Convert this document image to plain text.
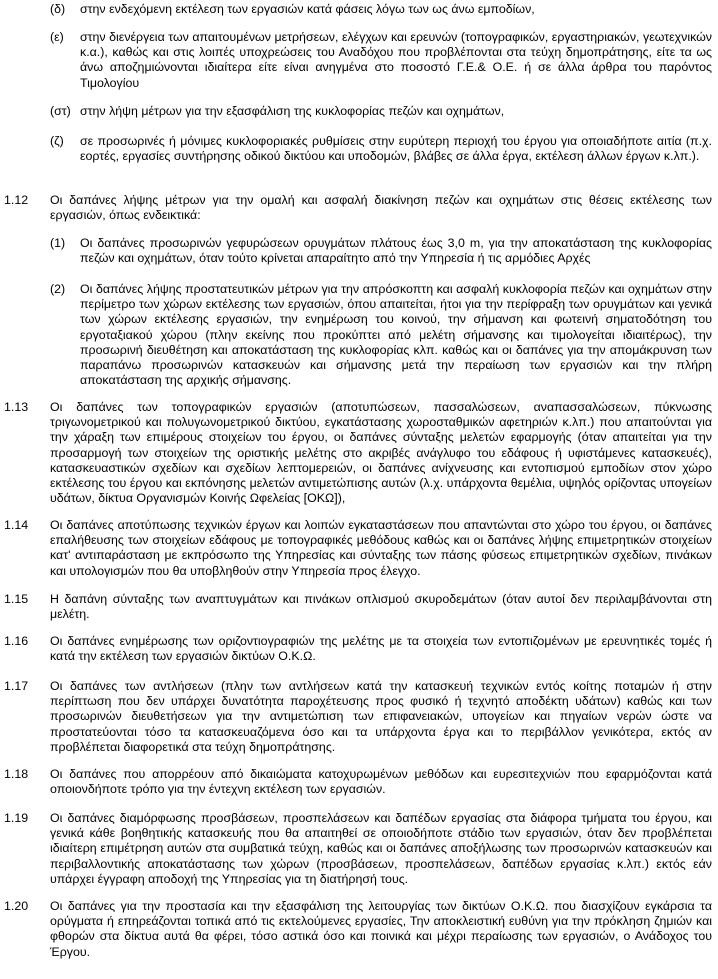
(δ) στην ενδεχόμενη εκτέλεση των εργασιών κατά φάσεις λόγω των ως άνω εμποδίων,
(ε) στην διενέργεια των απαιτουμένων μετρήσεων, ελέγχων και ερευνών (τοπογραφικών, εργαστηριακών, γεωτεχνικών κ.α.), καθώς και στις λοιπές υποχρεώσεις του Αναδόχου που προβλέπονται στα τεύχη δημοπράτησης, είτε τα ως άνω αποζημιώνονται ιδιαίτερα είτε είναι ανηγμένα στο ποσοστό Γ.Ε.& Ο.Ε. ή σε άλλα άρθρα του παρόντος Τιμολογίου
(στ) στην λήψη μέτρων για την εξασφάλιση της κυκλοφορίας πεζών και οχημάτων,
(ζ) σε προσωρινές ή μόνιμες κυκλοφοριακές ρυθμίσεις στην ευρύτερη περιοχή του έργου για οποιαδήποτε αιτία (π.χ. εορτές, εργασίες συντήρησης οδικού δικτύου και υποδομών, βλάβες σε άλλα έργα, εκτέλεση άλλων έργων κ.λπ.).
1.12 Οι δαπάνες λήψης μέτρων για την ομαλή και ασφαλή διακίνηση πεζών και οχημάτων στις θέσεις εκτέλεσης των εργασιών, όπως ενδεικτικά:
(1) Οι δαπάνες προσωρινών γεφυρώσεων ορυγμάτων πλάτους έως 3,0 m, για την αποκατάσταση της κυκλοφορίας πεζών και οχημάτων, όταν τούτο κρίνεται απαραίτητο από την Υπηρεσία ή τις αρμόδιες Αρχές
(2) Οι δαπάνες λήψης προστατευτικών μέτρων για την απρόσκοπτη και ασφαλή κυκλοφορία πεζών και οχημάτων στην περίμετρο των χώρων εκτέλεσης των εργασιών, όπου απαιτείται, ήτοι για την περίφραξη των ορυγμάτων και γενικά των χώρων εκτέλεσης εργασιών, την ενημέρωση του κοινού, την σήμανση και φωτεινή σηματοδότηση του εργοταξιακού χώρου (πλην εκείνης που προκύπτει από μελέτη σήμανσης και τιμολογείται ιδιαιτέρως), την προσωρινή διευθέτηση και αποκατάσταση της κυκλοφορίας κλπ. καθώς και οι δαπάνες για την απομάκρυνση των παραπάνω προσωρινών κατασκευών και σήμανσης μετά την περαίωση των εργασιών και την πλήρη αποκατάσταση της αρχικής σήμανσης.
1.13 Οι δαπάνες των τοπογραφικών εργασιών (αποτυπώσεων, πασσαλώσεων, αναπασσαλώσεων, πύκνωσης τριγωνομετρικού και πολυγωνομετρικού δικτύου, εγκατάστασης χωροσταθμικών αφετηριών κ.λπ.) που απαιτούνται για την χάραξη των επιμέρους στοιχείων του έργου, οι δαπάνες σύνταξης μελετών εφαρμογής (όταν απαιτείται για την προσαρμογή των στοιχείων της οριστικής μελέτης στο ακριβές ανάγλυφο του εδάφους ή υφιστάμενες κατασκευές), κατασκευαστικών σχεδίων και σχεδίων λεπτομερειών, οι δαπάνες ανίχνευσης και εντοπισμού εμποδίων στον χώρο εκτέλεσης του έργου και εκπόνησης μελετών αντιμετώπισης αυτών (λ.χ. υπάρχοντα θεμέλια, υψηλός ορίζοντας υπογείων υδάτων, δίκτυα Οργανισμών Κοινής Ωφελείας [ΟΚΩ]),
1.14 Οι δαπάνες αποτύπωσης τεχνικών έργων και λοιπών εγκαταστάσεων που απαντώνται στο χώρο του έργου, οι δαπάνες επαλήθευσης των στοιχείων εδάφους με τοπογραφικές μεθόδους καθώς και οι δαπάνες λήψης επιμετρητικών στοιχείων κατ' αντιπαράσταση με εκπρόσωπο της Υπηρεσίας και σύνταξης των πάσης φύσεως επιμετρητικών σχεδίων, πινάκων και υπολογισμών που θα υποβληθούν στην Υπηρεσία προς έλεγχο.
1.15 Η δαπάνη σύνταξης των αναπτυγμάτων και πινάκων οπλισμού σκυροδεμάτων (όταν αυτοί δεν περιλαμβάνονται στη μελέτη.
1.16 Οι δαπάνες ενημέρωσης των οριζοντιογραφιών της μελέτης με τα στοιχεία των εντοπιζομένων με ερευνητικές τομές ή κατά την εκτέλεση των εργασιών δικτύων Ο.Κ.Ω.
1.17 Οι δαπάνες των αντλήσεων (πλην των αντλήσεων κατά την κατασκευή τεχνικών εντός κοίτης ποταμών ή στην περίπτωση που δεν υπάρχει δυνατότητα παροχέτευσης προς φυσικό ή τεχνητό αποδέκτη υδάτων) καθώς και των προσωρινών διευθετήσεων για την αντιμετώπιση των επιφανειακών, υπογείων και πηγαίων νερών ώστε να προστατεύονται τόσο τα κατασκευαζόμενα όσο και τα υπάρχοντα έργα και το περιβάλλον γενικότερα, εκτός αν προβλέπεται διαφορετικά στα τεύχη δημοπράτησης.
1.18 Οι δαπάνες που απορρέουν από δικαιώματα κατοχυρωμένων μεθόδων και ευρεσιτεχνιών που εφαρμόζονται κατά οποιονδήποτε τρόπο για την έντεχνη εκτέλεση των εργασιών.
1.19 Οι δαπάνες διαμόρφωσης προσβάσεων, προσπελάσεων και δαπέδων εργασίας στα διάφορα τμήματα του έργου, και γενικά κάθε βοηθητικής κατασκευής που θα απαιτηθεί σε οποιοδήποτε στάδιο των εργασιών, όταν δεν προβλέπεται ιδιαίτερη επιμέτρηση αυτών στα συμβατικά τεύχη, καθώς και οι δαπάνες αποξήλωσης των προσωρινών κατασκευών και περιβαλλοντικής αποκατάστασης των χώρων (προσβάσεων, προσπελάσεων, δαπέδων εργασίας κ.λπ.) εκτός εάν υπάρχει έγγραφη αποδοχή της Υπηρεσίας για τη διατήρησή τους.
1.20 Οι δαπάνες για την προστασία και την εξασφάλιση της λειτουργίας των δικτύων Ο.Κ.Ω. που διασχίζουν εγκάρσια τα ορύγματα ή επηρεάζονται τοπικά από τις εκτελούμενες εργασίες, Την αποκλειστική ευθύνη για την πρόκληση ζημιών και φθορών στα δίκτυα αυτά θα φέρει, τόσο αστικά όσο και ποινικά και μέχρι περαίωσης των εργασιών, ο Ανάδοχος του Έργου.
